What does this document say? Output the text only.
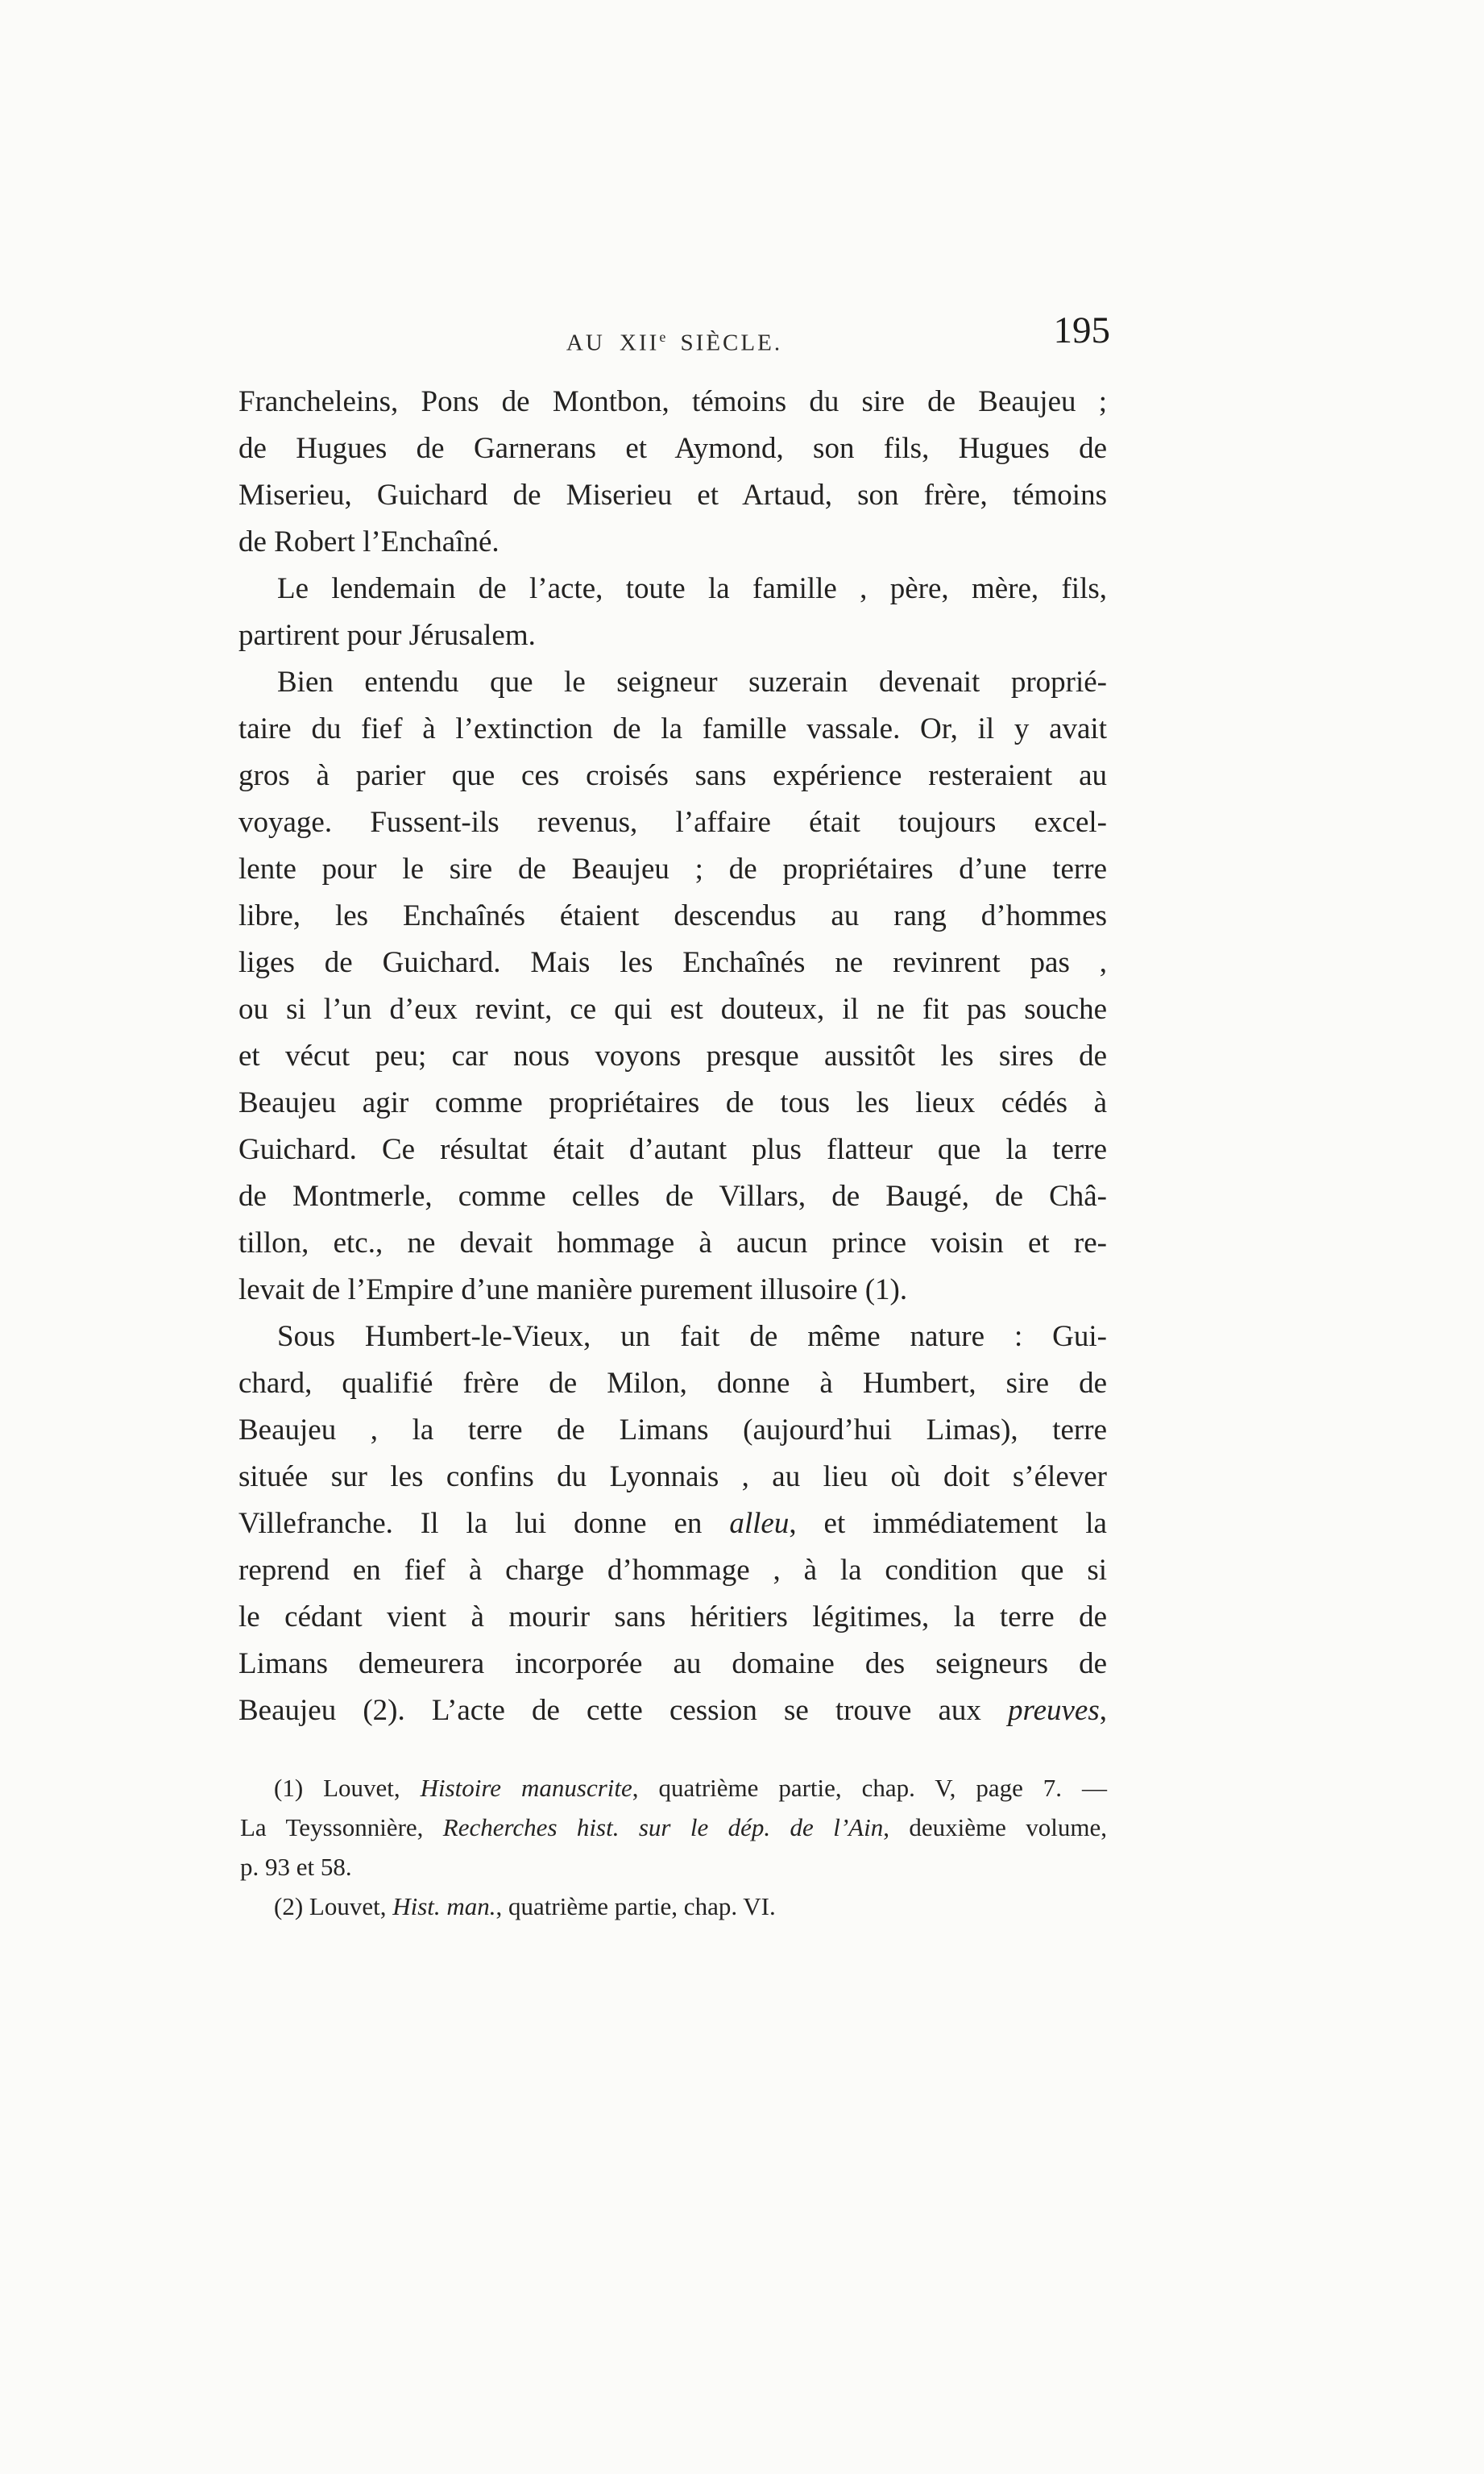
AU XIIe SIÈCLE.	195
Francheleins, Pons de Montbon, témoins du sire de Beaujeu ;
de Hugues de Garnerans et Aymond, son fils, Hugues de
Miserieu, Guichard de Miserieu et Artaud, son frère, témoins
de Robert l’Enchaîné.
Le lendemain de l’acte, toute la famille , père, mère, fils,
partirent pour Jérusalem.
Bien entendu que le seigneur suzerain devenait proprié-
taire du fief à l’extinction de la famille vassale. Or, il y avait
gros à parier que ces croisés sans expérience resteraient au
voyage. Fussent-ils revenus, l’affaire était toujours excel-
lente pour le sire de Beaujeu ; de propriétaires d’une terre
libre, les Enchaînés étaient descendus au rang d’hommes
liges de Guichard. Mais les Enchaînés ne revinrent pas ,
ou si l’un d’eux revint, ce qui est douteux, il ne fit pas souche
et vécut peu; car nous voyons presque aussitôt les sires de
Beaujeu agir comme propriétaires de tous les lieux cédés à
Guichard. Ce résultat était d’autant plus flatteur que la terre
de Montmerle, comme celles de Villars, de Baugé, de Châ-
tillon, etc., ne devait hommage à aucun prince voisin et re-
levait de l’Empire d’une manière purement illusoire (1).
Sous Humbert-le-Vieux, un fait de même nature : Gui-
chard, qualifié frère de Milon, donne à Humbert, sire de
Beaujeu , la terre de Limans (aujourd’hui Limas), terre
située sur les confins du Lyonnais , au lieu où doit s’élever
Villefranche. Il la lui donne en alleu, et immédiatement la
reprend en fief à charge d’hommage , à la condition que si
le cédant vient à mourir sans héritiers légitimes, la terre de
Limans demeurera incorporée au domaine des seigneurs de
Beaujeu (2). L’acte de cette cession se trouve aux preuves,
(1) Louvet, Histoire manuscrite, quatrième partie, chap. V, page 7. —
La Teyssonnière, Recherches hist. sur le dép. de l’Ain, deuxième volume,
p. 93 et 58.
(2) Louvet, Hist. man., quatrième partie, chap. VI.
